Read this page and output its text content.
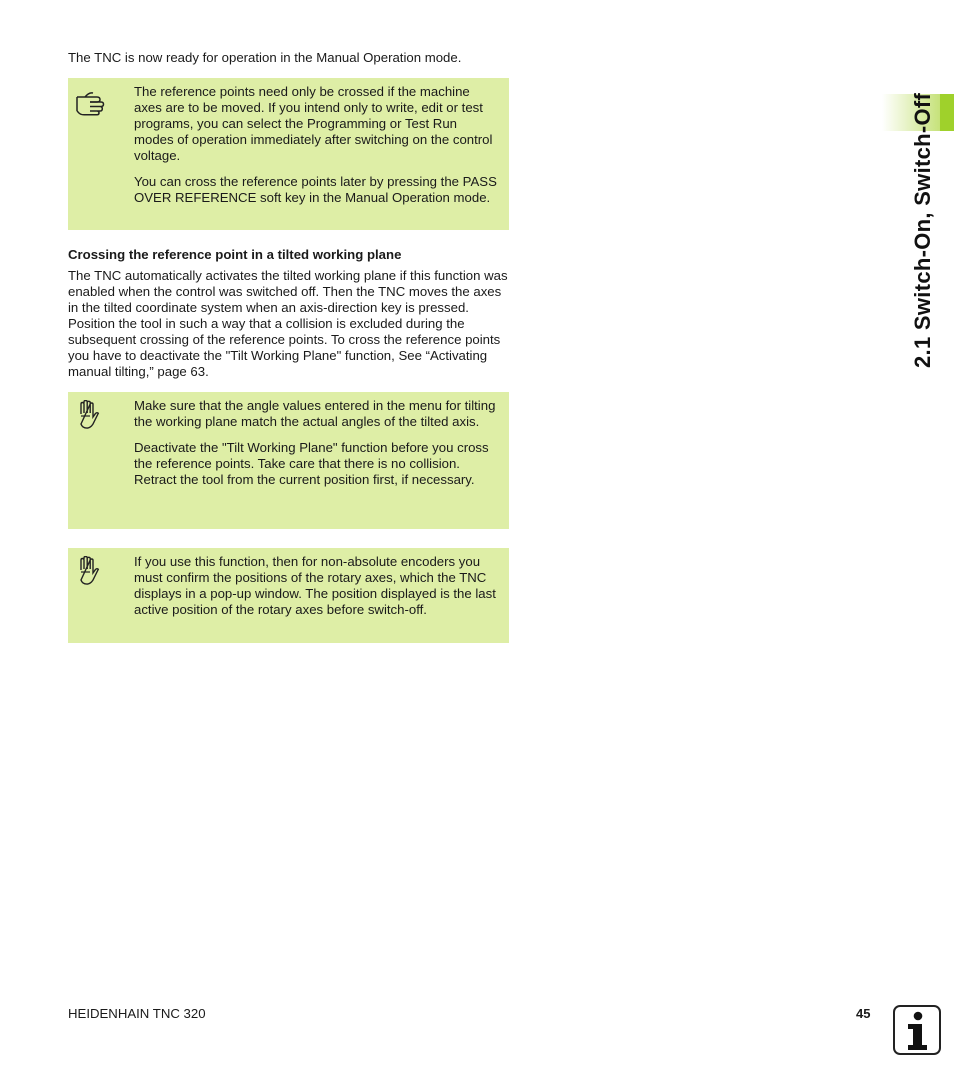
The TNC is now ready for operation in the Manual Operation mode.

The reference points need only be crossed if the machine axes are to be moved. If you intend only to write, edit or test programs, you can select the Programming or Test Run modes of operation immediately after switching on the control voltage.

You can cross the reference points later by pressing the PASS OVER REFERENCE soft key in the Manual Operation mode.

Crossing the reference point in a tilted working plane
The TNC automatically activates the tilted working plane if this function was enabled when the control was switched off. Then the TNC moves the axes in the tilted coordinate system when an axis-direction key is pressed. Position the tool in such a way that a collision is excluded during the subsequent crossing of the reference points. To cross the reference points you have to deactivate the "Tilt Working Plane" function, See “Activating manual tilting,” page 63.

Make sure that the angle values entered in the menu for tilting the working plane match the actual angles of the tilted axis.

Deactivate the "Tilt Working Plane" function before you cross the reference points. Take care that there is no collision. Retract the tool from the current position first, if necessary.

If you use this function, then for non-absolute encoders you must confirm the positions of the rotary axes, which the TNC displays in a pop-up window. The position displayed is the last active position of the rotary axes before switch-off.

2.1 Switch-On, Switch-Off
HEIDENHAIN TNC 320	45
